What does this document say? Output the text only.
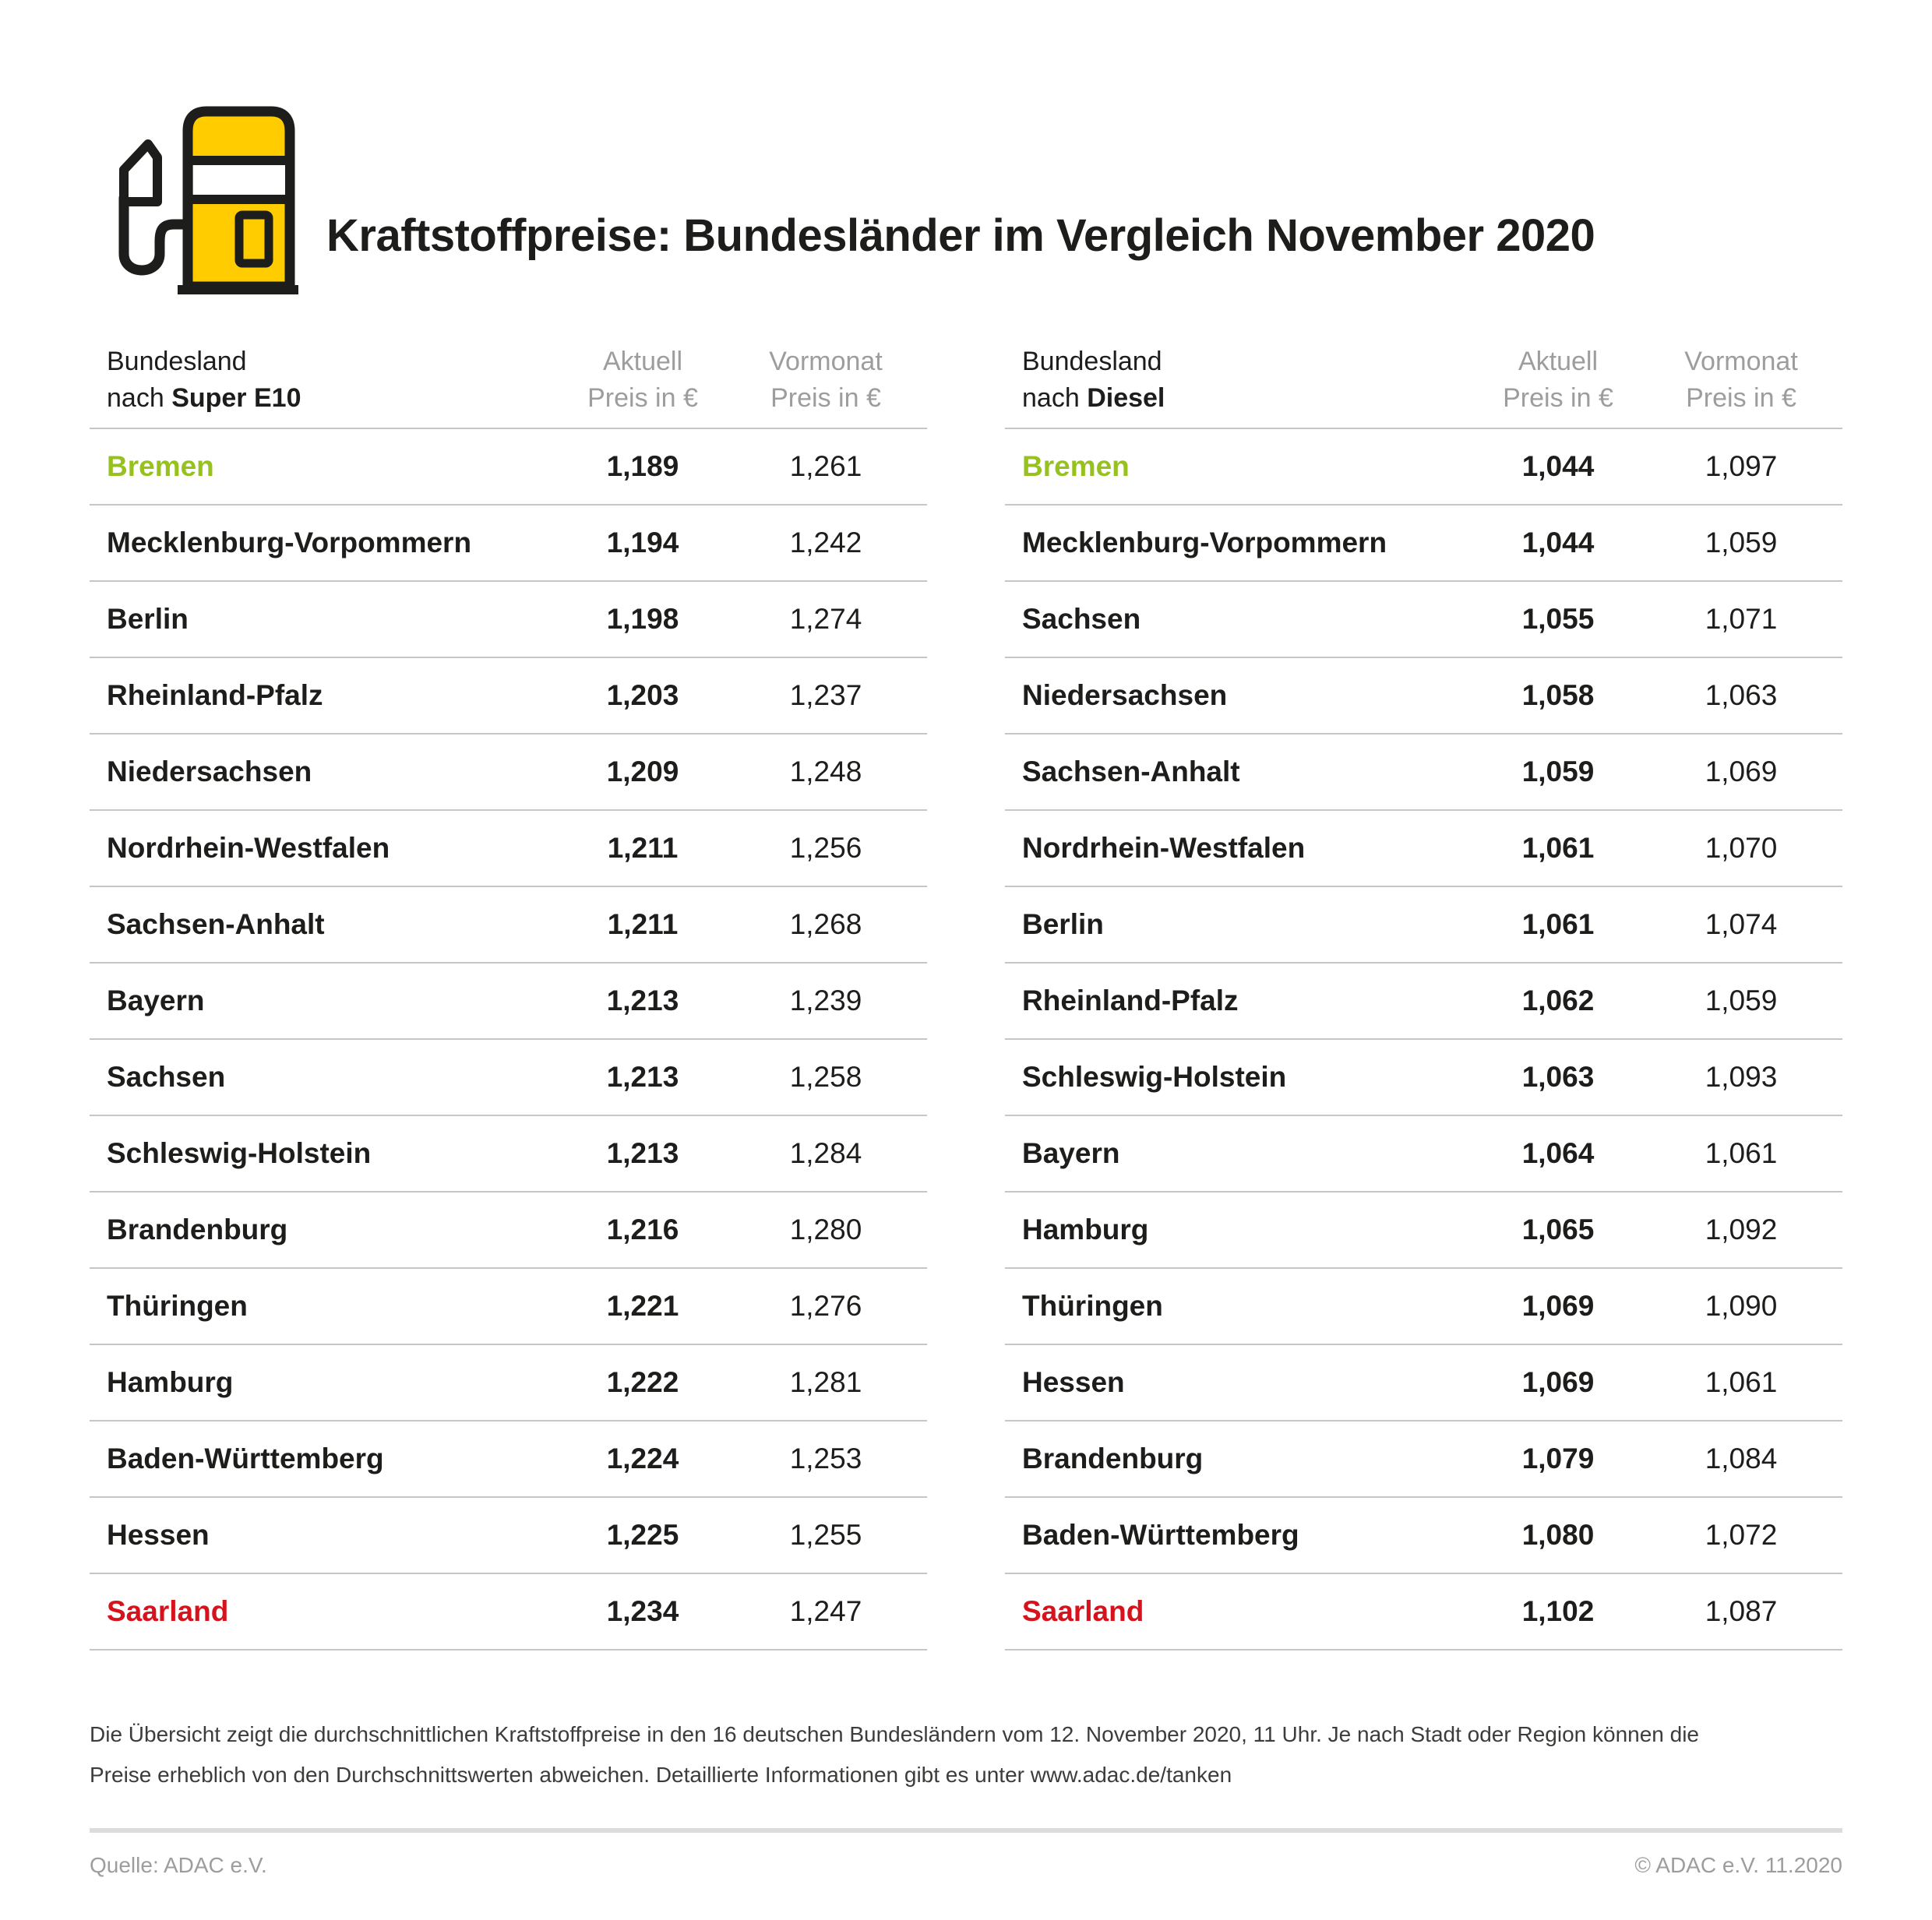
Kraftstoffpreise: Bundesländer im Vergleich November 2020
Bundesland
nach Super E10
Aktuell
Preis in €
Vormonat
Preis in €
Bremen	1,189	1,261
Mecklenburg-Vorpommern	1,194	1,242
Berlin	1,198	1,274
Rheinland-Pfalz	1,203	1,237
Niedersachsen	1,209	1,248
Nordrhein-Westfalen	1,211	1,256
Sachsen-Anhalt	1,211	1,268
Bayern	1,213	1,239
Sachsen	1,213	1,258
Schleswig-Holstein	1,213	1,284
Brandenburg	1,216	1,280
Thüringen	1,221	1,276
Hamburg	1,222	1,281
Baden-Württemberg	1,224	1,253
Hessen	1,225	1,255
Saarland	1,234	1,247
Bundesland
nach Diesel
Aktuell
Preis in €
Vormonat
Preis in €
Bremen	1,044	1,097
Mecklenburg-Vorpommern	1,044	1,059
Sachsen	1,055	1,071
Niedersachsen	1,058	1,063
Sachsen-Anhalt	1,059	1,069
Nordrhein-Westfalen	1,061	1,070
Berlin	1,061	1,074
Rheinland-Pfalz	1,062	1,059
Schleswig-Holstein	1,063	1,093
Bayern	1,064	1,061
Hamburg	1,065	1,092
Thüringen	1,069	1,090
Hessen	1,069	1,061
Brandenburg	1,079	1,084
Baden-Württemberg	1,080	1,072
Saarland	1,102	1,087
Die Übersicht zeigt die durchschnittlichen Kraftstoffpreise in den 16 deutschen Bundesländern vom 12. November 2020, 11 Uhr. Je nach Stadt oder Region können die
Preise erheblich von den Durchschnittswerten abweichen. Detaillierte Informationen gibt es unter www.adac.de/tanken
Quelle: ADAC e.V.	© ADAC e.V. 11.2020
